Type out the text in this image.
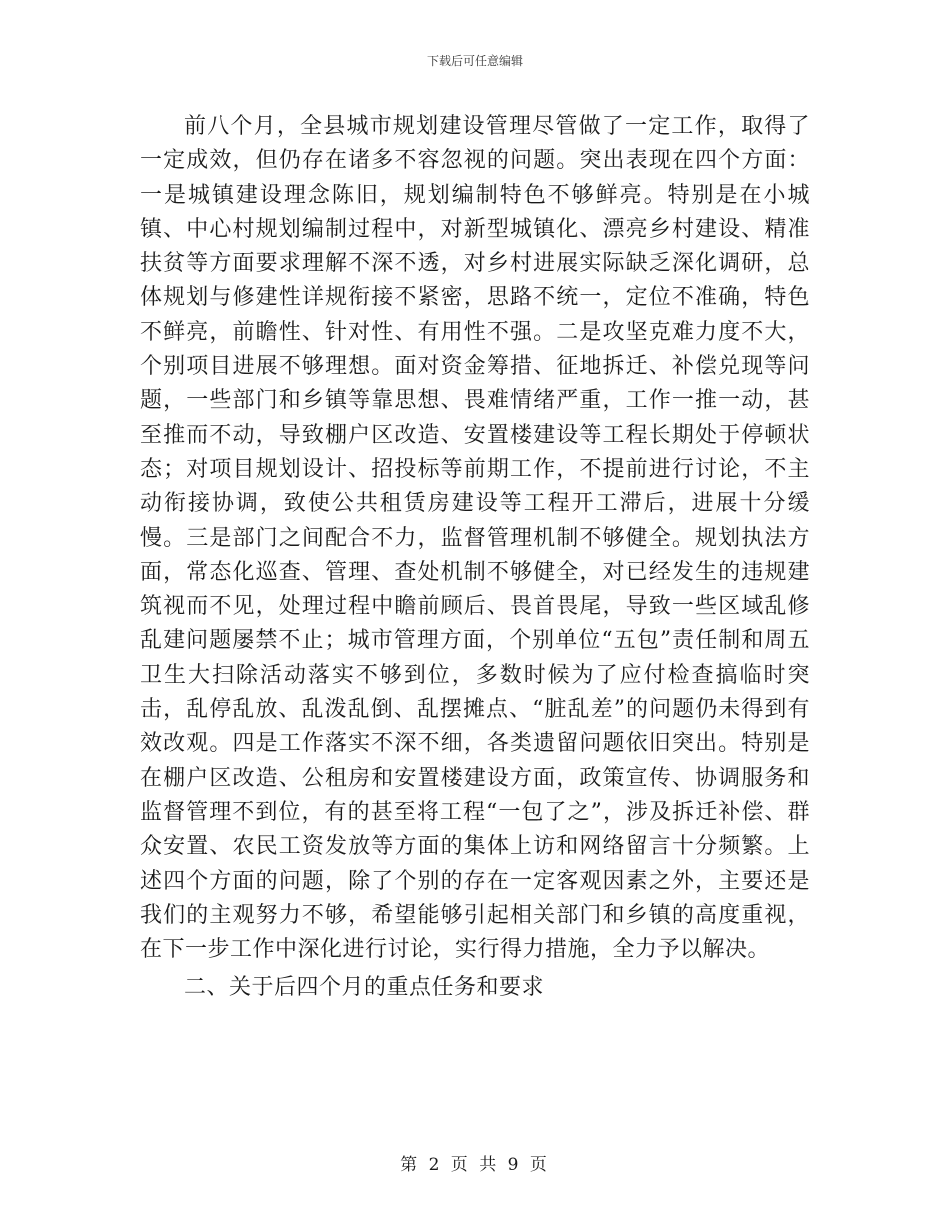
下载后可任意编辑

前八个月，全县城市规划建设管理尽管做了一定工作，取得了一定成效，但仍存在诸多不容忽视的问题。突出表现在四个方面：一是城镇建设理念陈旧，规划编制特色不够鲜亮。特别是在小城镇、中心村规划编制过程中，对新型城镇化、漂亮乡村建设、精准扶贫等方面要求理解不深不透，对乡村进展实际缺乏深化调研，总体规划与修建性详规衔接不紧密，思路不统一，定位不准确，特色不鲜亮，前瞻性、针对性、有用性不强。二是攻坚克难力度不大，个别项目进展不够理想。面对资金筹措、征地拆迁、补偿兑现等问题，一些部门和乡镇等靠思想、畏难情绪严重，工作一推一动，甚至推而不动，导致棚户区改造、安置楼建设等工程长期处于停顿状态；对项目规划设计、招投标等前期工作，不提前进行讨论，不主动衔接协调，致使公共租赁房建设等工程开工滞后，进展十分缓慢。三是部门之间配合不力，监督管理机制不够健全。规划执法方面，常态化巡查、管理、查处机制不够健全，对已经发生的违规建筑视而不见，处理过程中瞻前顾后、畏首畏尾，导致一些区域乱修乱建问题屡禁不止；城市管理方面，个别单位“五包”责任制和周五卫生大扫除活动落实不够到位，多数时候为了应付检查搞临时突击，乱停乱放、乱泼乱倒、乱摆摊点、“脏乱差”的问题仍未得到有效改观。四是工作落实不深不细，各类遗留问题依旧突出。特别是在棚户区改造、公租房和安置楼建设方面，政策宣传、协调服务和监督管理不到位，有的甚至将工程“一包了之”，涉及拆迁补偿、群众安置、农民工资发放等方面的集体上访和网络留言十分频繁。上述四个方面的问题，除了个别的存在一定客观因素之外，主要还是我们的主观努力不够，希望能够引起相关部门和乡镇的高度重视，在下一步工作中深化进行讨论，实行得力措施，全力予以解决。

二、关于后四个月的重点任务和要求

第 2 页 共 9 页
